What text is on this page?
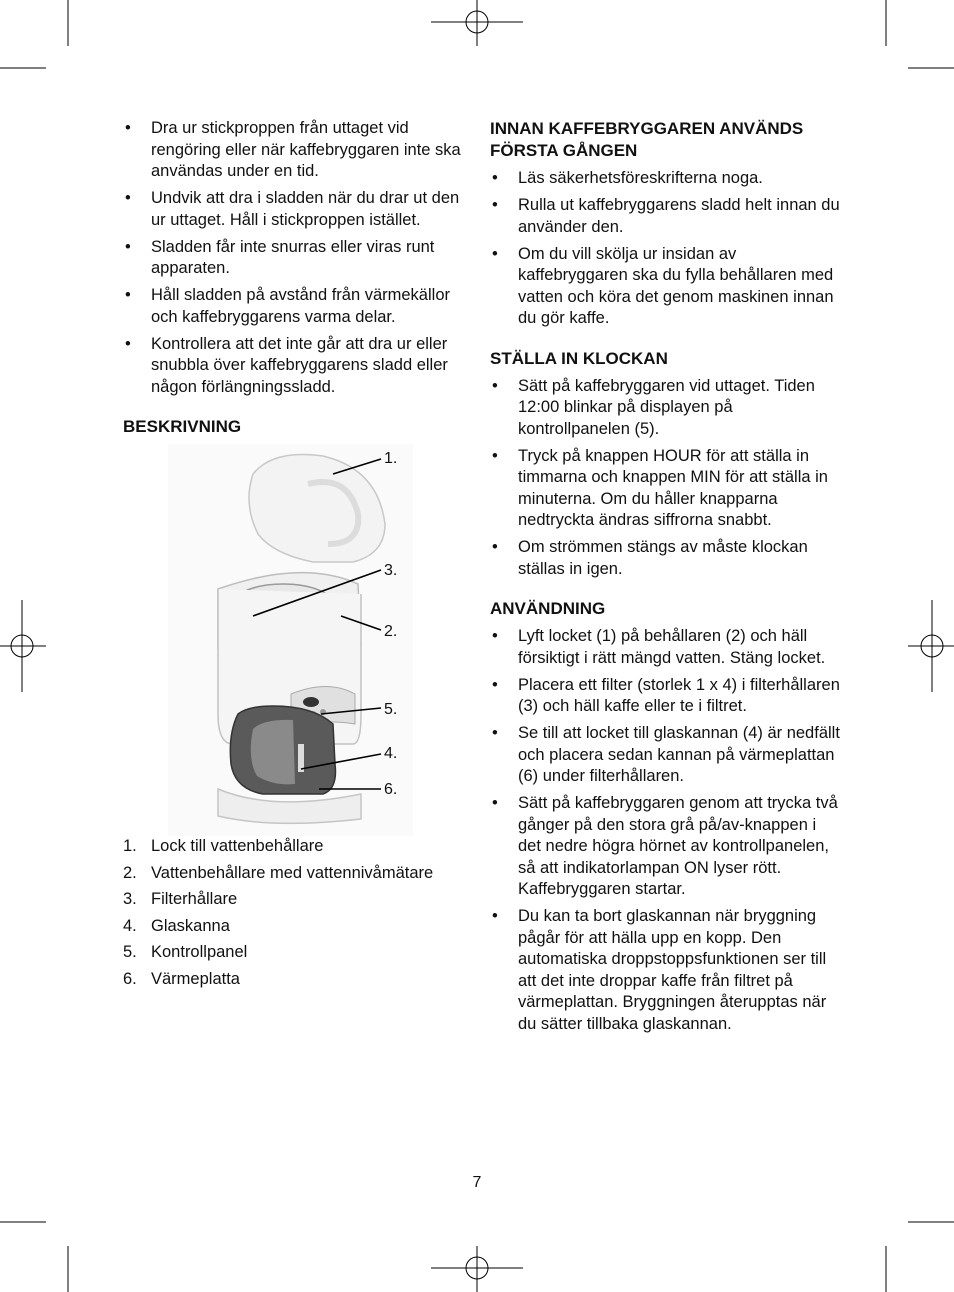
• Dra ur stickproppen från uttaget vid rengöring eller när kaffebryggaren inte ska användas under en tid.
• Undvik att dra i sladden när du drar ut den ur uttaget. Håll i stickproppen istället.
• Sladden får inte snurras eller viras runt apparaten.
• Håll sladden på avstånd från värmekällor och kaffebryggarens varma delar.
• Kontrollera att det inte går att dra ur eller snubbla över kaffebryggarens sladd eller någon förlängningssladd.
BESKRIVNING
1.
3.
2.
5.
4.
6.
1. Lock till vattenbehållare
2. Vattenbehållare med vattennivåmätare
3. Filterhållare
4. Glaskanna
5. Kontrollpanel
6. Värmeplatta
INNAN KAFFEBRYGGAREN ANVÄNDS FÖRSTA GÅNGEN
• Läs säkerhetsföreskrifterna noga.
• Rulla ut kaffebryggarens sladd helt innan du använder den.
• Om du vill skölja ur insidan av kaffebryggaren ska du fylla behållaren med vatten och köra det genom maskinen innan du gör kaffe.
STÄLLA IN KLOCKAN
• Sätt på kaffebryggaren vid uttaget. Tiden 12:00 blinkar på displayen på kontrollpanelen (5).
• Tryck på knappen HOUR för att ställa in timmarna och knappen MIN för att ställa in minuterna. Om du håller knapparna nedtryckta ändras siffrorna snabbt.
• Om strömmen stängs av måste klockan ställas in igen.
ANVÄNDNING
• Lyft locket (1) på behållaren (2) och häll försiktigt i rätt mängd vatten. Stäng locket.
• Placera ett filter (storlek 1 x 4) i filterhållaren (3) och häll kaffe eller te i filtret.
• Se till att locket till glaskannan (4) är nedfällt och placera sedan kannan på värmeplattan (6) under filterhållaren.
• Sätt på kaffebryggaren genom att trycka två gånger på den stora grå på/av-knappen i det nedre högra hörnet av kontrollpanelen, så att indikatorlampan ON lyser rött. Kaffebryggaren startar.
• Du kan ta bort glaskannan när bryggning pågår för att hälla upp en kopp. Den automatiska droppstoppsfunktionen ser till att det inte droppar kaffe från filtret på värmeplattan. Bryggningen återupptas när du sätter tillbaka glaskannan.
7
